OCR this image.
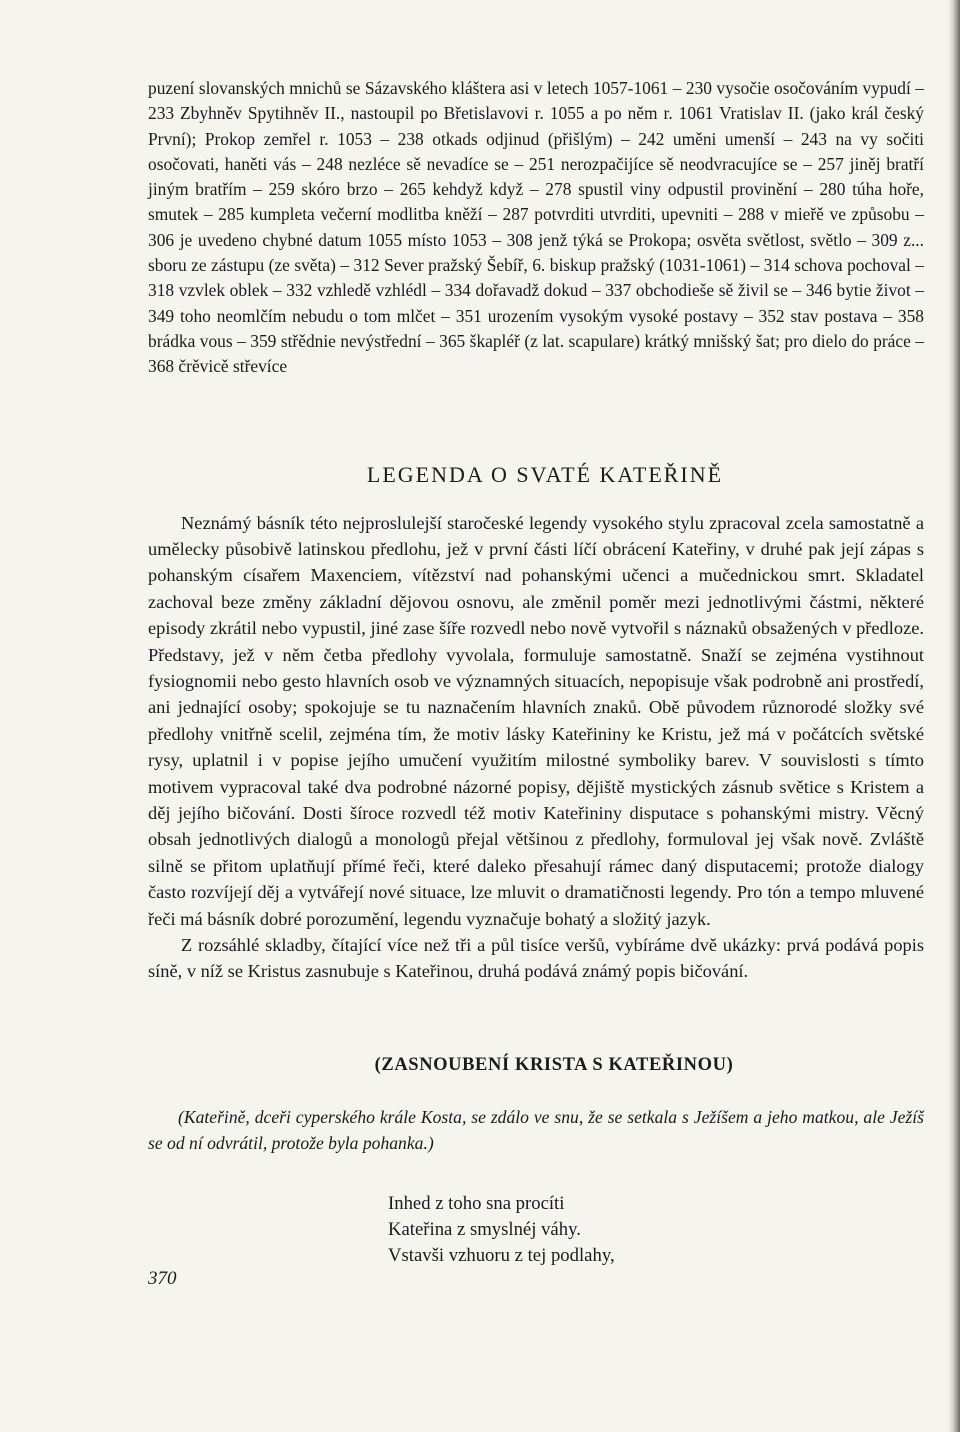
puzení slovanských mnichů se Sázavského kláštera asi v letech 1057-1061 – 230 vysočie osočováním vypudí – 233 Zbyhněv Spytihněv II., nastoupil po Břetislavovi r. 1055 a po něm r. 1061 Vratislav II. (jako král český První); Prokop zemřel r. 1053 – 238 otkads odjinud (přišlým) – 242 uměni umenší – 243 na vy sočiti osočovati, haněti vás – 248 nezléce sě nevadíce se – 251 nerozpačijíce sě neodvracujíce se – 257 jiněj bratří jiným bratřím – 259 skóro brzo – 265 kehdyž když – 278 spustil viny odpustil provinění – 280 túha hoře, smutek – 285 kumpleta večerní modlitba kněží – 287 potvrditi utvrditi, upevniti – 288 v mieřě ve způsobu – 306 je uvedeno chybné datum 1055 místo 1053 – 308 jenž týká se Prokopa; osvěta světlost, světlo – 309 z... sboru ze zástupu (ze světa) – 312 Sever pražský Šebíř, 6. biskup pražský (1031-1061) – 314 schova pochoval – 318 vzvlek oblek – 332 vzhledě vzhlédl – 334 dořavadž dokud – 337 obchodieše sě živil se – 346 bytie život – 349 toho neomlčím nebudu o tom mlčet – 351 urozením vysokým vysoké postavy – 352 stav postava – 358 brádka vous – 359 střědnie nevýstřední – 365 škapléř (z lat. scapulare) krátký mnišský šat; pro dielo do práce – 368 črěvicě střevíce

LEGENDA O SVATÉ KATEŘINĚ

Neznámý básník této nejproslulejší staročeské legendy vysokého stylu zpracoval zcela samostatně a umělecky působivě latinskou předlohu, jež v první části líčí obrácení Kateřiny, v druhé pak její zápas s pohanským císařem Maxenciem, vítězství nad pohanskými učenci a mučednickou smrt. Skladatel zachoval beze změny základní dějovou osnovu, ale změnil poměr mezi jednotlivými částmi, některé episody zkrátil nebo vypustil, jiné zase šíře rozvedl nebo nově vytvořil s náznaků obsažených v předloze. Představy, jež v něm četba předlohy vyvolala, formuluje samostatně. Snaží se zejména vystihnout fysiognomii nebo gesto hlavních osob ve významných situacích, nepopisuje však podrobně ani prostředí, ani jednající osoby; spokojuje se tu naznačením hlavních znaků. Obě původem různorodé složky své předlohy vnitřně scelil, zejména tím, že motiv lásky Kateřininy ke Kristu, jež má v počátcích světské rysy, uplatnil i v popise jejího umučení využitím milostné symboliky barev. V souvislosti s tímto motivem vypracoval také dva podrobné názorné popisy, dějiště mystických zásnub světice s Kristem a děj jejího bičování. Dosti šíroce rozvedl též motiv Kateřininy disputace s pohanskými mistry. Věcný obsah jednotlivých dialogů a monologů přejal většinou z předlohy, formuloval jej však nově. Zvláště silně se přitom uplatňují přímé řeči, které daleko přesahují rámec daný disputacemi; protože dialogy často rozvíjejí děj a vytvářejí nové situace, lze mluvit o dramatičnosti legendy. Pro tón a tempo mluvené řeči má básník dobré porozumění, legendu vyznačuje bohatý a složitý jazyk.

Z rozsáhlé skladby, čítající více než tři a půl tisíce veršů, vybíráme dvě ukázky: prvá podává popis síně, v níž se Kristus zasnubuje s Kateřinou, druhá podává známý popis bičování.

(ZASNOUBENÍ KRISTA S KATEŘINOU)

(Kateřině, dceři cyperského krále Kosta, se zdálo ve snu, že se setkala s Ježíšem a jeho matkou, ale Ježíš se od ní odvrátil, protože byla pohanka.)

Inhed z toho sna procíti
Kateřina z smyslnéj váhy.
Vstavši vzhuoru z tej podlahy,
370
